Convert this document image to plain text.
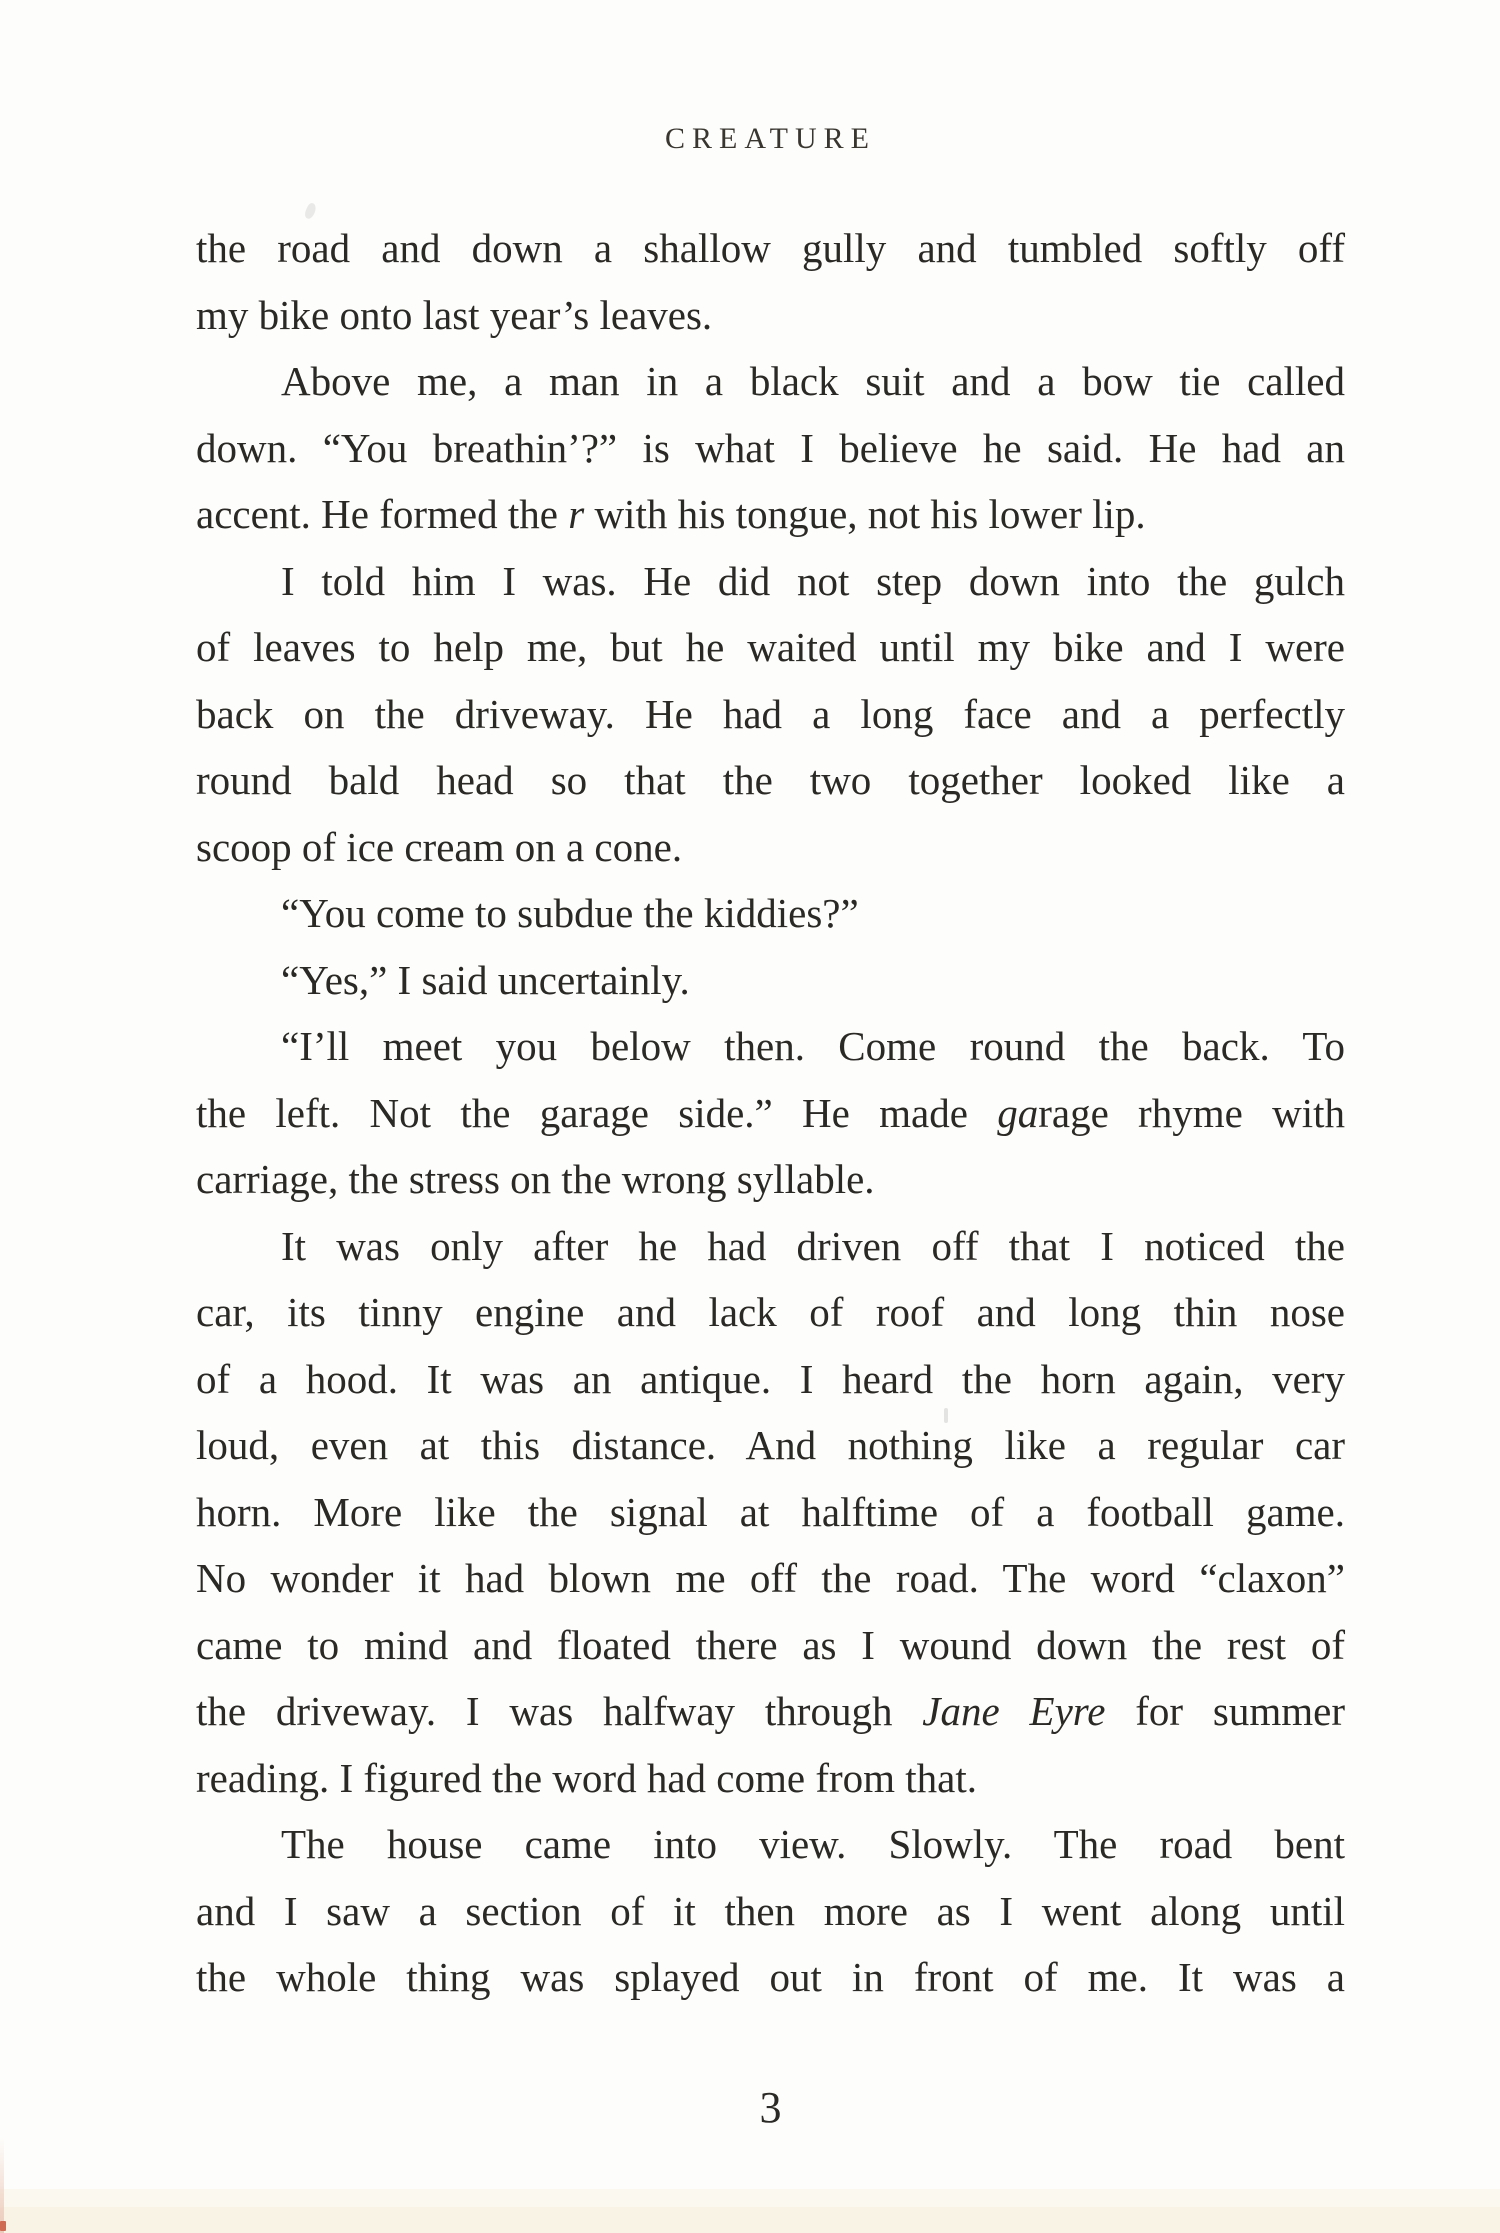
CREATURE
the road and down a shallow gully and tumbled softly off
my bike onto last year’s leaves.
Above me, a man in a black suit and a bow tie called
down. “You breathin’?” is what I believe he said. He had an
accent. He formed the r with his tongue, not his lower lip.
I told him I was. He did not step down into the gulch
of leaves to help me, but he waited until my bike and I were
back on the driveway. He had a long face and a perfectly
round bald head so that the two together looked like a
scoop of ice cream on a cone.
“You come to subdue the kiddies?”
“Yes,” I said uncertainly.
“I’ll meet you below then. Come round the back. To
the left. Not the garage side.” He made garage rhyme with
carriage, the stress on the wrong syllable.
It was only after he had driven off that I noticed the
car, its tinny engine and lack of roof and long thin nose
of a hood. It was an antique. I heard the horn again, very
loud, even at this distance. And nothing like a regular car
horn. More like the signal at halftime of a football game.
No wonder it had blown me off the road. The word “claxon”
came to mind and floated there as I wound down the rest of
the driveway. I was halfway through Jane Eyre for summer
reading. I figured the word had come from that.
The house came into view. Slowly. The road bent
and I saw a section of it then more as I went along until
the whole thing was splayed out in front of me. It was a
3
